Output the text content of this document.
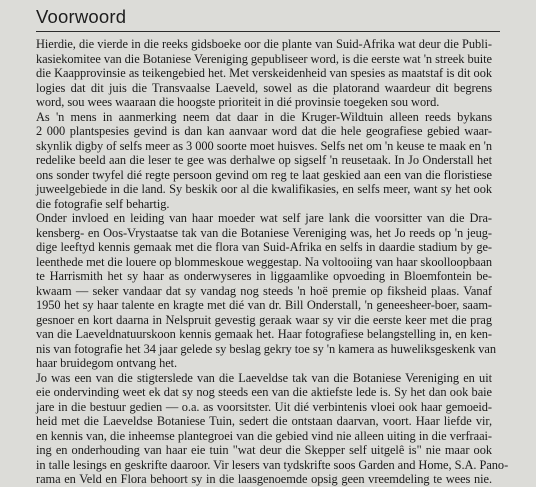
Voorwoord

Hierdie, die vierde in die reeks gidsboeke oor die plante van Suid-Afrika wat deur die Publi-
kasiekomitee van die Botaniese Vereniging gepubliseer word, is die eerste wat 'n streek buite
die Kaapprovinsie as teikengebied het. Met verskeidenheid van spesies as maatstaf is dit ook
logies dat dit juis die Transvaalse Laeveld, sowel as die platorand waardeur dit begrens
word, sou wees waaraan die hoogste prioriteit in dié provinsie toegeken sou word.

As 'n mens in aanmerking neem dat daar in die Kruger-Wildtuin alleen reeds bykans
2 000 plantspesies gevind is dan kan aanvaar word dat die hele geografiese gebied waar-
skynlik digby of selfs meer as 3 000 soorte moet huisves. Selfs net om 'n keuse te maak en 'n
redelike beeld aan die leser te gee was derhalwe op sigself 'n reusetaak. In Jo Onderstall het
ons sonder twyfel dié regte persoon gevind om reg te laat geskied aan een van die floristiese
juweelgebiede in die land. Sy beskik oor al die kwalifikasies, en selfs meer, want sy het ook
die fotografie self behartig.

Onder invloed en leiding van haar moeder wat self jare lank die voorsitter van die Dra-
kensberg- en Oos-Vrystaatse tak van die Botaniese Vereniging was, het Jo reeds op 'n jeug-
dige leeftyd kennis gemaak met die flora van Suid-Afrika en selfs in daardie stadium by ge-
leenthede met die louere op blommeskoue weggestap. Na voltooiing van haar skoolloopbaan
te Harrismith het sy haar as onderwyseres in liggaamlike opvoeding in Bloemfontein be-
kwaam — seker vandaar dat sy vandag nog steeds 'n hoë premie op fiksheid plaas. Vanaf
1950 het sy haar talente en kragte met dié van dr. Bill Onderstall, 'n geneesheer-boer, saam-
gesnoer en kort daarna in Nelspruit gevestig geraak waar sy vir die eerste keer met die prag
van die Laeveldnatuurskoon kennis gemaak het. Haar fotografiese belangstelling in, en ken-
nis van fotografie het 34 jaar gelede sy beslag gekry toe sy 'n kamera as huweliksgeskenk van
haar bruidegom ontvang het.

Jo was een van die stigterslede van die Laeveldse tak van die Botaniese Vereniging en uit
eie ondervinding weet ek dat sy nog steeds een van die aktiefste lede is. Sy het dan ook baie
jare in die bestuur gedien — o.a. as voorsitster. Uit dié verbintenis vloei ook haar gemoeid-
heid met die Laeveldse Botaniese Tuin, sedert die ontstaan daarvan, voort. Haar liefde vir,
en kennis van, die inheemse plantegroei van die gebied vind nie alleen uiting in die verfraai-
ing en onderhouding van haar eie tuin "wat deur die Skepper self uitgelê is" nie maar ook
in talle lesings en geskrifte daaroor. Vir lesers van tydskrifte soos Garden and Home, S.A. Pano-
rama en Veld en Flora behoort sy in die laasgenoemde opsig geen vreemdeling te wees nie.
